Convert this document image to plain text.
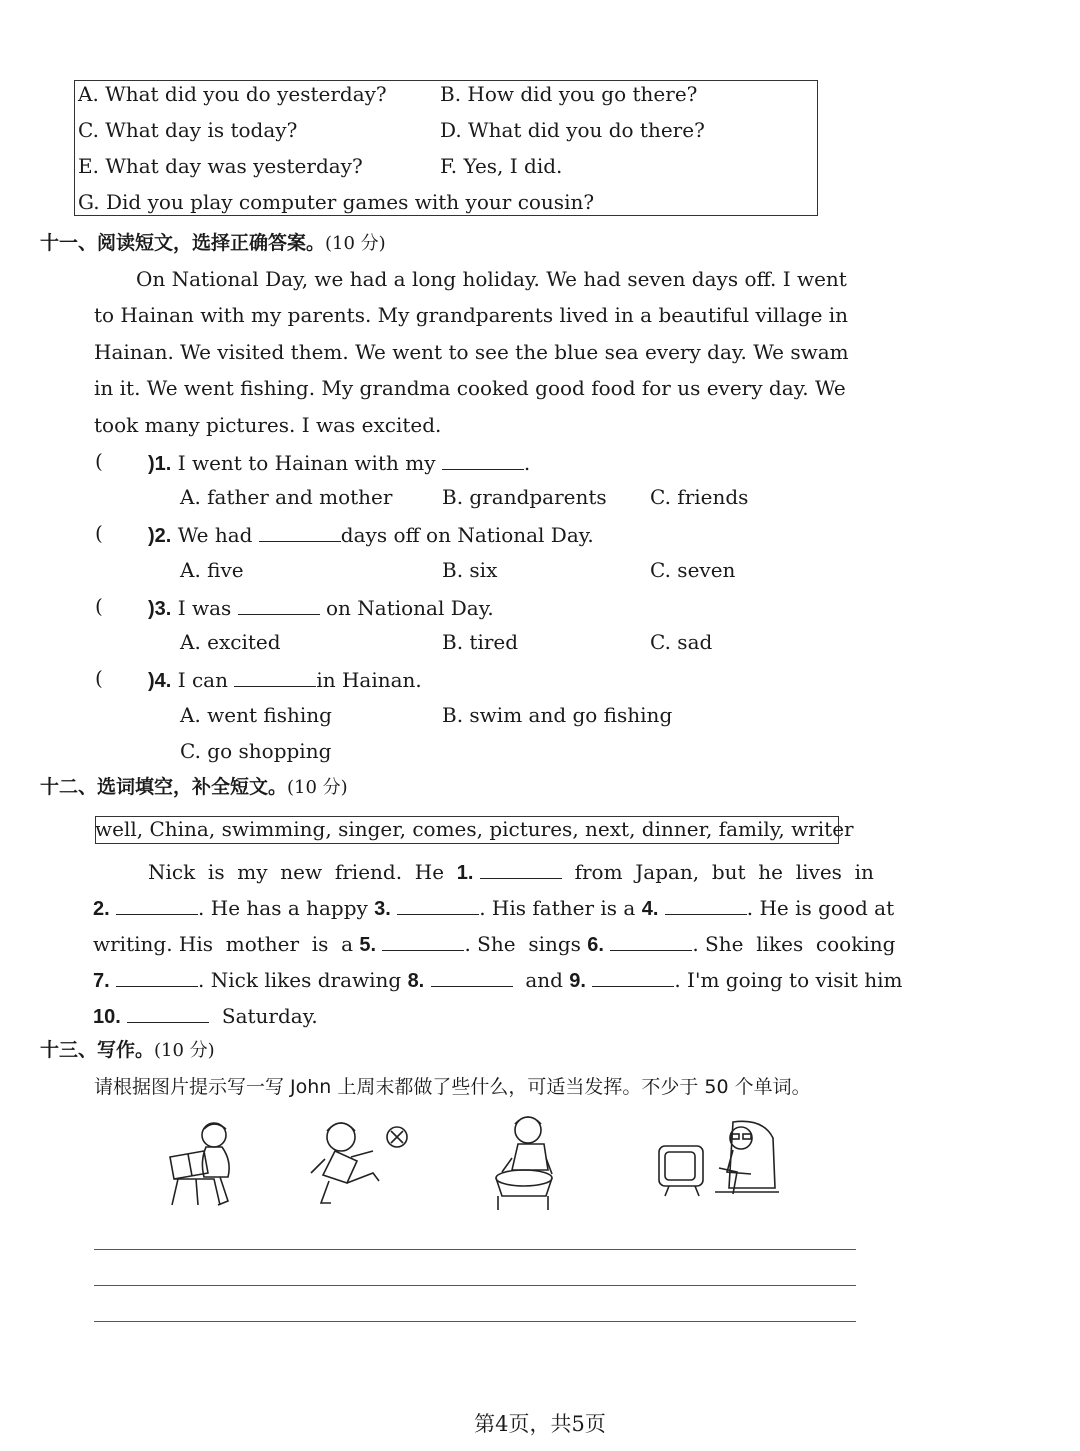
A. What did you do yesterday?	B. How did you go there?
C. What day is today?	D. What did you do there?
E. What day was yesterday?	F. Yes, I did.
G. Did you play computer games with your cousin?
十一、阅读短文，选择正确答案。(10 分)
On National Day, we had a long holiday. We had seven days off. I went to Hainan with my parents. My grandparents lived in a beautiful village in Hainan. We visited them. We went to see the blue sea every day. We swam in it. We went fishing. My grandma cooked good food for us every day. We took many pictures. I was excited.
( )1. I went to Hainan with my	.
A. father and mother B. grandparents C. friends
( )2. We had	days off on National Day.
A. five	B. six	C. seven
( )3. I was	on National Day.
A. excited	B. tired	C. sad
( )4. I can	in Hainan.
A. went fishing	B. swim and go fishing
C. go shopping
十二、选词填空，补全短文。(10 分)
well, China, swimming, singer, comes, pictures, next, dinner, family, writer
Nick  is  my  new  friend.  He 1.	from  Japan,  but  he  lives  in
2.	. He has a happy 3.	. His father is a 4.	. He is good at
writing. His  mother  is  a 5.	. She  sings 6.	. She  likes  cooking
7.	. Nick likes drawing 8.	and 9.	. I'm going to visit him
10.	Saturday.
十三、写作。(10 分)
请根据图片提示写一写 John 上周末都做了些什么，可适当发挥。不少于 50 个单词。
第4页，共5页
